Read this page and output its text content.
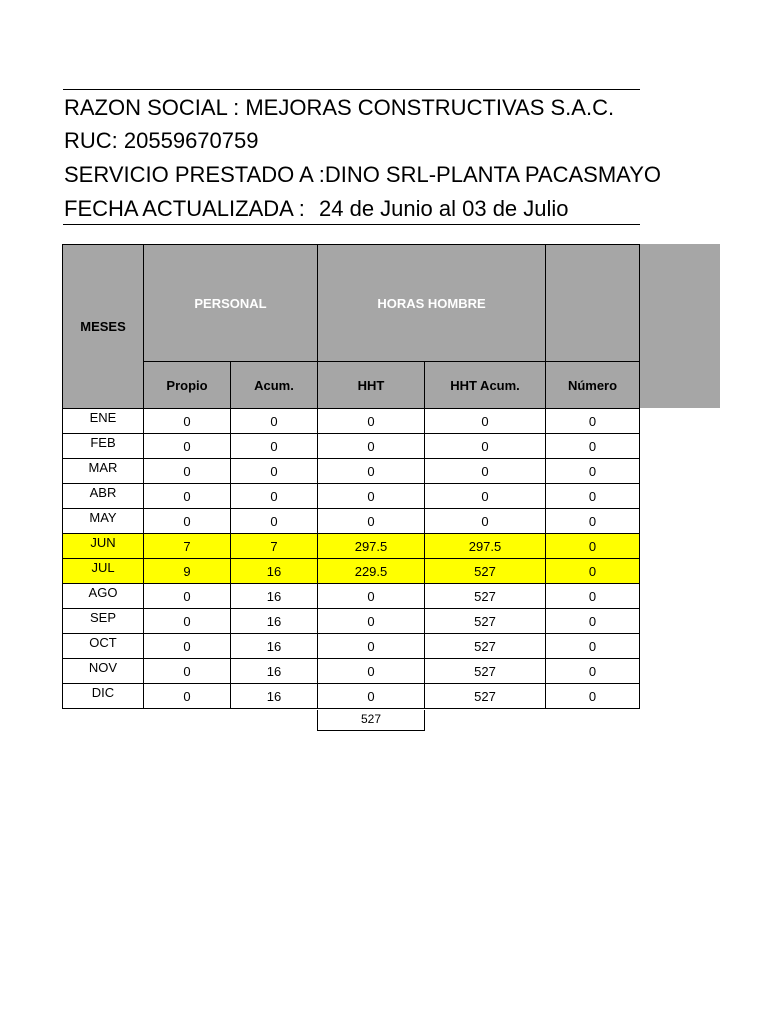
RAZON SOCIAL : MEJORAS CONSTRUCTIVAS S.A.C.
RUC: 20559670759
SERVICIO PRESTADO A :DINO SRL-PLANTA PACASMAYO
FECHA ACTUALIZADA : 24 de Junio al 03 de Julio
MESES	PERSONAL		HORAS HOMBRE		
	Propio	Acum.	HHT	HHT Acum.	Número
ENE	0	0	0	0	0
FEB	0	0	0	0	0
MAR	0	0	0	0	0
ABR	0	0	0	0	0
MAY	0	0	0	0	0
JUN	7	7	297.5	297.5	0
JUL	9	16	229.5	527	0
AGO	0	16	0	527	0
SEP	0	16	0	527	0
OCT	0	16	0	527	0
NOV	0	16	0	527	0
DIC	0	16	0	527	0
527
